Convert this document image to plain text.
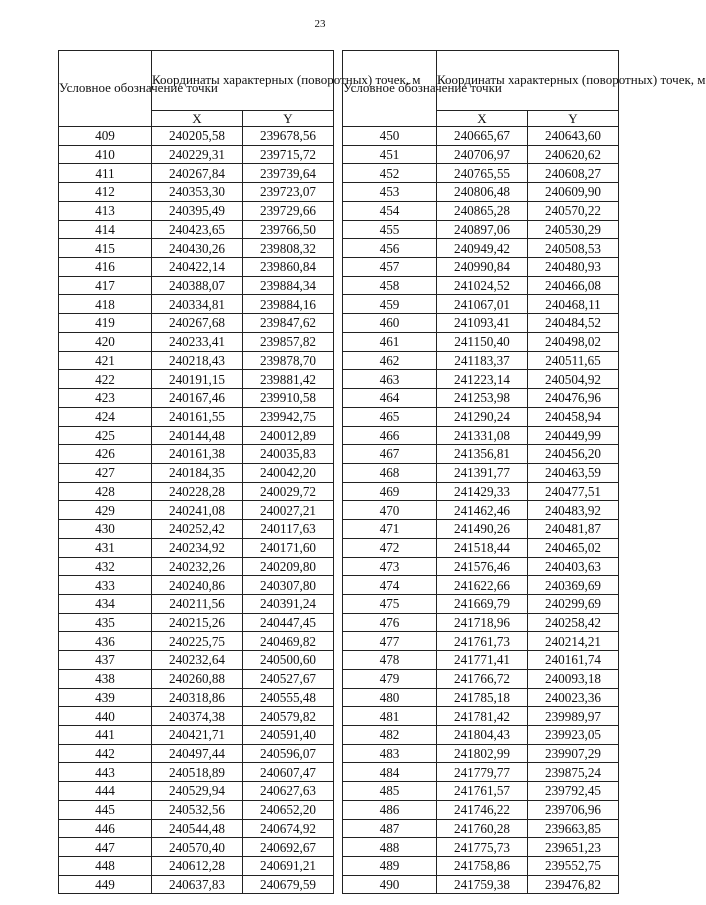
23
Условное обозначение точки	Координаты характерных (поворотных) точек, м	
	X	Y
409	240205,58	239678,56
410	240229,31	239715,72
411	240267,84	239739,64
412	240353,30	239723,07
413	240395,49	239729,66
414	240423,65	239766,50
415	240430,26	239808,32
416	240422,14	239860,84
417	240388,07	239884,34
418	240334,81	239884,16
419	240267,68	239847,62
420	240233,41	239857,82
421	240218,43	239878,70
422	240191,15	239881,42
423	240167,46	239910,58
424	240161,55	239942,75
425	240144,48	240012,89
426	240161,38	240035,83
427	240184,35	240042,20
428	240228,28	240029,72
429	240241,08	240027,21
430	240252,42	240117,63
431	240234,92	240171,60
432	240232,26	240209,80
433	240240,86	240307,80
434	240211,56	240391,24
435	240215,26	240447,45
436	240225,75	240469,82
437	240232,64	240500,60
438	240260,88	240527,67
439	240318,86	240555,48
440	240374,38	240579,82
441	240421,71	240591,40
442	240497,44	240596,07
443	240518,89	240607,47
444	240529,94	240627,63
445	240532,56	240652,20
446	240544,48	240674,92
447	240570,40	240692,67
448	240612,28	240691,21
449	240637,83	240679,59
Условное обозначение точки	Координаты характерных (поворотных) точек, м	
	X	Y
450	240665,67	240643,60
451	240706,97	240620,62
452	240765,55	240608,27
453	240806,48	240609,90
454	240865,28	240570,22
455	240897,06	240530,29
456	240949,42	240508,53
457	240990,84	240480,93
458	241024,52	240466,08
459	241067,01	240468,11
460	241093,41	240484,52
461	241150,40	240498,02
462	241183,37	240511,65
463	241223,14	240504,92
464	241253,98	240476,96
465	241290,24	240458,94
466	241331,08	240449,99
467	241356,81	240456,20
468	241391,77	240463,59
469	241429,33	240477,51
470	241462,46	240483,92
471	241490,26	240481,87
472	241518,44	240465,02
473	241576,46	240403,63
474	241622,66	240369,69
475	241669,79	240299,69
476	241718,96	240258,42
477	241761,73	240214,21
478	241771,41	240161,74
479	241766,72	240093,18
480	241785,18	240023,36
481	241781,42	239989,97
482	241804,43	239923,05
483	241802,99	239907,29
484	241779,77	239875,24
485	241761,57	239792,45
486	241746,22	239706,96
487	241760,28	239663,85
488	241775,73	239651,23
489	241758,86	239552,75
490	241759,38	239476,82
